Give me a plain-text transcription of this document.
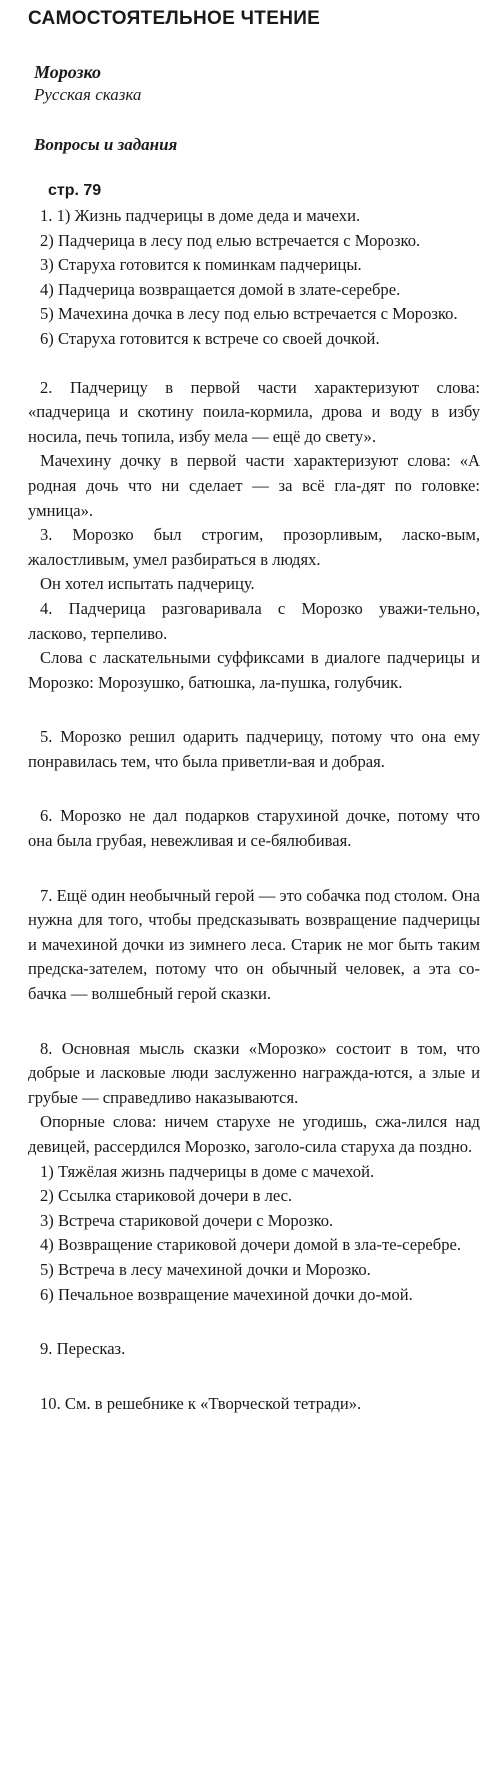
САМОСТОЯТЕЛЬНОЕ ЧТЕНИЕ
Морозко
Русская сказка
Вопросы и задания
стр. 79

1. 1) Жизнь падчерицы в доме деда и мачехи.

2) Падчерица в лесу под елью встречается с Морозко.

3) Старуха готовится к поминкам падчерицы.

4) Падчерица возвращается домой в злате-серебре.

5) Мачехина дочка в лесу под елью встречается с Морозко.

6) Старуха готовится к встрече со своей дочкой.

2. Падчерицу в первой части характеризуют слова: «падчерица и скотину поила-кормила, дрова и воду в избу носила, печь топила, избу мела — ещё до свету».

Мачехину дочку в первой части характеризуют слова: «А родная дочь что ни сделает — за всё гла-дят по головке: умница».

3. Морозко был строгим, прозорливым, ласко-вым, жалостливым, умел разбираться в людях.

Он хотел испытать падчерицу.

4. Падчерица разговаривала с Морозко уважи-тельно, ласково, терпеливо.

Слова с ласкательными суффиксами в диалоге падчерицы и Морозко: Морозушко, батюшка, ла-пушка, голубчик.

5. Морозко решил одарить падчерицу, потому что она ему понравилась тем, что была приветли-вая и добрая.

6. Морозко не дал подарков старухиной дочке, потому что она была грубая, невежливая и се-бялюбивая.

7. Ещё один необычный герой — это собачка под столом. Она нужна для того, чтобы предсказывать возвращение падчерицы и мачехиной дочки из зимнего леса. Старик не мог быть таким предска-зателем, потому что он обычный человек, а эта со-бачка — волшебный герой сказки.

8. Основная мысль сказки «Морозко» состоит в том, что добрые и ласковые люди заслуженно награжда-ются, а злые и грубые — справедливо наказываются.

Опорные слова: ничем старухе не угодишь, сжа-лился над девицей, рассердился Морозко, заголо-сила старуха да поздно.

1) Тяжёлая жизнь падчерицы в доме с мачехой.

2) Ссылка стариковой дочери в лес.

3) Встреча стариковой дочери с Морозко.

4) Возвращение стариковой дочери домой в зла-те-серебре.

5) Встреча в лесу мачехиной дочки и Морозко.

6) Печальное возвращение мачехиной дочки до-мой.

9. Пересказ.

10. См. в решебнике к «Творческой тетради».
